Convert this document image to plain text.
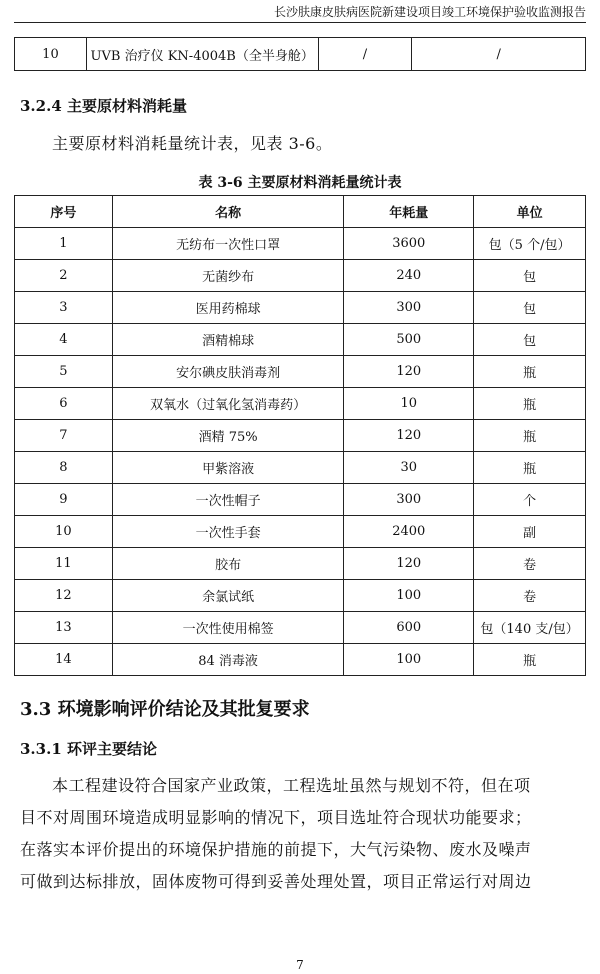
长沙肤康皮肤病医院新建设项目竣工环境保护验收监测报告
10	UVB 治疗仪 KN-4004B（全半身舱）	/	/
3.2.4 主要原材料消耗量
主要原材料消耗量统计表，见表 3-6。
表 3-6 主要原材料消耗量统计表
序号	名称	年耗量	单位
1	无纺布一次性口罩	3600	包（5 个/包）
2	无菌纱布	240	包
3	医用药棉球	300	包
4	酒精棉球	500	包
5	安尔碘皮肤消毒剂	120	瓶
6	双氧水（过氧化氢消毒药）	10	瓶
7	酒精 75%	120	瓶
8	甲紫溶液	30	瓶
9	一次性帽子	300	个
10	一次性手套	2400	副
11	胶布	120	卷
12	余氯试纸	100	卷
13	一次性使用棉签	600	包（140 支/包）
14	84 消毒液	100	瓶
3.3 环境影响评价结论及其批复要求
3.3.1 环评主要结论
本工程建设符合国家产业政策，工程选址虽然与规划不符，但在项
目不对周围环境造成明显影响的情况下，项目选址符合现状功能要求；
在落实本评价提出的环境保护措施的前提下，大气污染物、废水及噪声
可做到达标排放，固体废物可得到妥善处理处置，项目正常运行对周边
7
